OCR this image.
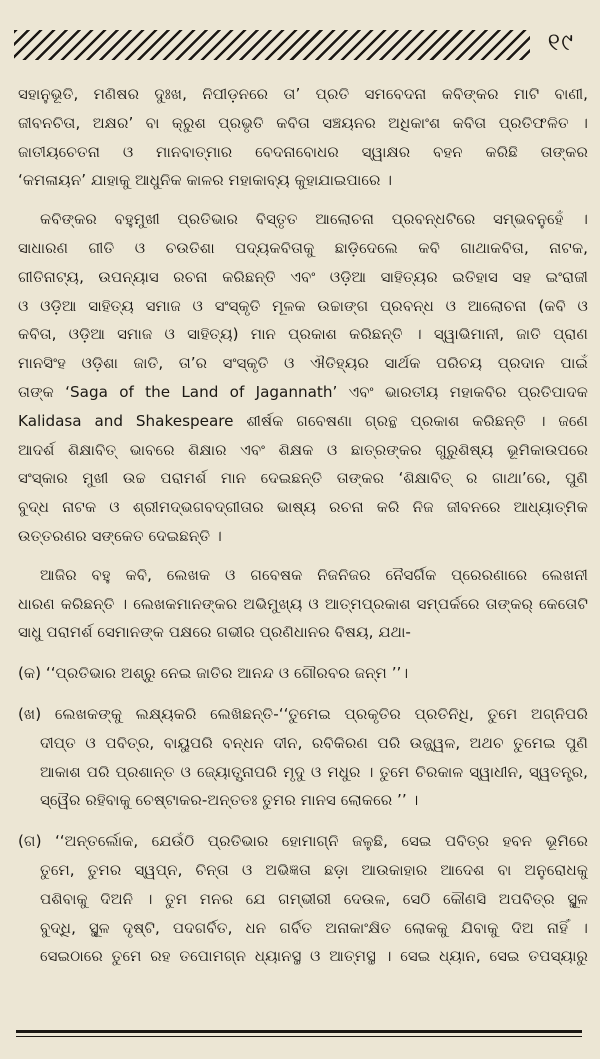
୧୯
ସହାନୁଭୂତି, ମଣିଷର ଦୁଃଖ, ନିପୀଡ଼ନରେ ତା’ ପ୍ରତି ସମବେଦନା କବିଙ୍କର ମାଟି ବାଣୀ,
ଜୀବନଚିତା, ଅକ୍ଷର’ ବା କ୍ରୁଶ ପ୍ରଭୃତି କବିତା ସଞ୍ଚୟନର ଅଧିକାଂଶ କବିତା ପ୍ରତିଫଳିତ ।
ଜାତୀୟଚେତନା ଓ ମାନବାତ୍ମାର ବେଦନାବୋଧର ସ୍ୱାକ୍ଷର ବହନ କରିଛି ତାଙ୍କର
‘କମଳାୟନ’ ଯାହାକୁ ଆଧୁନିକ କାଳର ମହାକାବ୍ୟ କୁହାଯାଇପାରେ ।
କବିଙ୍କର ବହୁମୁଖୀ ପ୍ରତିଭାର ବିସ୍ତୃତ ଆଲୋଚନା ପ୍ରବନ୍ଧଟିରେ ସମ୍ଭବନୁହେଁ ।
ସାଧାରଣ ଗୀତି ଓ ଚଉତିଶା ପଦ୍ୟକବିତାକୁ ଛାଡ଼ିଦେଲେ କବି ଗାଥାକବିତା, ନାଟକ,
ଗୀତିନାଟ୍ୟ, ଉପନ୍ୟାସ ରଚନା କରିଛନ୍ତି ଏବଂ ଓଡ଼ିଆ ସାହିତ୍ୟର ଇତିହାସ ସହ ଇଂରାଜୀ
ଓ ଓଡ଼ିଆ ସାହିତ୍ୟ ସମାଜ ଓ ସଂସ୍କୃତି ମୂଳକ ଉଚ୍ଚାଙ୍ଗ ପ୍ରବନ୍ଧ ଓ ଆଲୋଚନା (କବି ଓ
କବିତା, ଓଡ଼ିଆ ସମାଜ ଓ ସାହିତ୍ୟ) ମାନ ପ୍ରକାଶ କରିଛନ୍ତି । ସ୍ୱାଭିମାନୀ, ଜାତି ପ୍ରାଣ
ମାନସିଂହ ଓଡ଼ିଶା ଜାତି, ତା’ର ସଂସ୍କୃତି ଓ ଐତିହ୍ୟର ସାର୍ଥକ ପରିଚୟ ପ୍ରଦାନ ପାଇଁ
ତାଙ୍କ ‘Saga of the Land of Jagannath’ ଏବଂ ଭାରତୀୟ ମହାକବିର ପ୍ରତିପାଦକ
Kalidasa and Shakespeare ଶୀର୍ଷକ ଗବେଷଣା ଗ୍ରନ୍ଥ ପ୍ରକାଶ କରିଛନ୍ତି । ଜଣେ
ଆଦର୍ଶ ଶିକ୍ଷାବିତ୍ ଭାବରେ ଶିକ୍ଷାର ଏବଂ ଶିକ୍ଷକ ଓ ଛାତ୍ରଙ୍କର ଗୁରୁଶିଷ୍ୟ ଭୂମିକାଉପରେ
ସଂସ୍କାର ମୁଖୀ ଉଚ୍ଚ ପରାମର୍ଶ ମାନ ଦେଇଛନ୍ତି ତାଙ୍କର ‘ଶିକ୍ଷାବିତ୍ ର ଗାଥା’ରେ, ପୁଣି
ବୁଦ୍ଧ ନାଟକ ଓ ଶ୍ରୀମଦ୍ଭଗବଦ୍‌ଗୀତାର ଭାଷ୍ୟ ରଚନା କରି ନିଜ ଜୀବନରେ ଆଧ୍ୟାତ୍ମିକ
ଉତ୍ତରଣର ସଙ୍କେତ ଦେଇଛନ୍ତି ।
ଆଜିର ବହୁ କବି, ଲେଖକ ଓ ଗବେଷକ ନିଜନିଜର ନୈସର୍ଗିକ ପ୍ରେରଣାରେ ଲେଖନୀ
ଧାରଣ କରିଛନ୍ତି । ଲେଖକମାନଙ୍କର ଅଭିମୁଖ୍ୟ ଓ ଆତ୍ମପ୍ରକାଶ ସମ୍ପର୍କରେ ତାଙ୍କର୍ କେତୋଟି
ସାଧୁ ପରାମର୍ଶ ସେମାନଙ୍କ ପକ୍ଷରେ ଗଭୀର ପ୍ରଣିଧାନର ବିଷୟ, ଯଥା-
(କ) ‘‘ପ୍ରତିଭାର ଅଶ୍ରୁ ନେଇ ଜାତିର ଆନନ୍ଦ ଓ ଗୌରବର ଜନ୍ମ ’’।
(ଖ) ଲେଖକଙ୍କୁ ଲକ୍ଷ୍ୟକରି ଲେଖିଛନ୍ତି-‘‘ତୁମେଇ ପ୍ରକୃତିର ପ୍ରତିନିଧି, ତୁମେ ଅଗ୍ନିପରି
ଦୀପ୍ତ ଓ ପବିତ୍ର, ବାୟୁପରି ବନ୍ଧନ ଦୀନ, ରବିକିରଣ ପରି ଉଜ୍ଜ୍ୱଳ, ଅଥଚ ତୁମେଇ ପୁଣି
ଆକାଶ ପରି ପ୍ରଶାନ୍ତ ଓ ଜ୍ୟୋତ୍ସ୍ନାପରି ମୃଦୁ ଓ ମଧୁର । ତୁମେ ଚିରକାଳ ସ୍ୱାଧୀନ, ସ୍ୱତନ୍ତ୍ର,
ସ୍ୱୈର ରହିବାକୁ ଚେଷ୍ଟାକର-ଅନ୍ତତଃ ତୁମର ମାନସ ଲୋକରେ ’’ ।
(ଗ) ‘‘ଅନ୍ତର୍ଲୋକ, ଯେଉଁଠି ପ୍ରତିଭାର ହୋମାଗ୍ନି ଜଳୁଛି, ସେଇ ପବିତ୍ର ହବନ ଭୂମିରେ
ତୁମେ, ତୁମର ସ୍ୱପ୍ନ, ଚିନ୍ତା ଓ ଅଭିଜ୍ଞତା ଛଡ଼ା ଆଉକାହାର ଆଦେଶ ବା ଅନୁରୋଧକୁ
ପଶିବାକୁ ଦିଅନି । ତୁମ ମନର ଯେ ଗମ୍ଭୀରୀ ଦେଉଳ, ସେଠି କୌଣସି ଅପବିତ୍ର ସ୍ଥୂଳ
ବୁଦ୍ଧି, ସ୍ଥୂଳ ଦୃଷ୍ଟି, ପଦଗର୍ବିତ, ଧନ ଗର୍ବିତ ଅନାକାଂକ୍ଷିତ ଲୋକକୁ ଯିବାକୁ ଦିଅ ନାହିଁ ।
ସେଇଠାରେ ତୁମେ ରହ ତପୋମଗ୍ନ ଧ୍ୟାନସ୍ଥ ଓ ଆତ୍ମସ୍ଥ । ସେଇ ଧ୍ୟାନ, ସେଇ ତପସ୍ୟାରୁ
